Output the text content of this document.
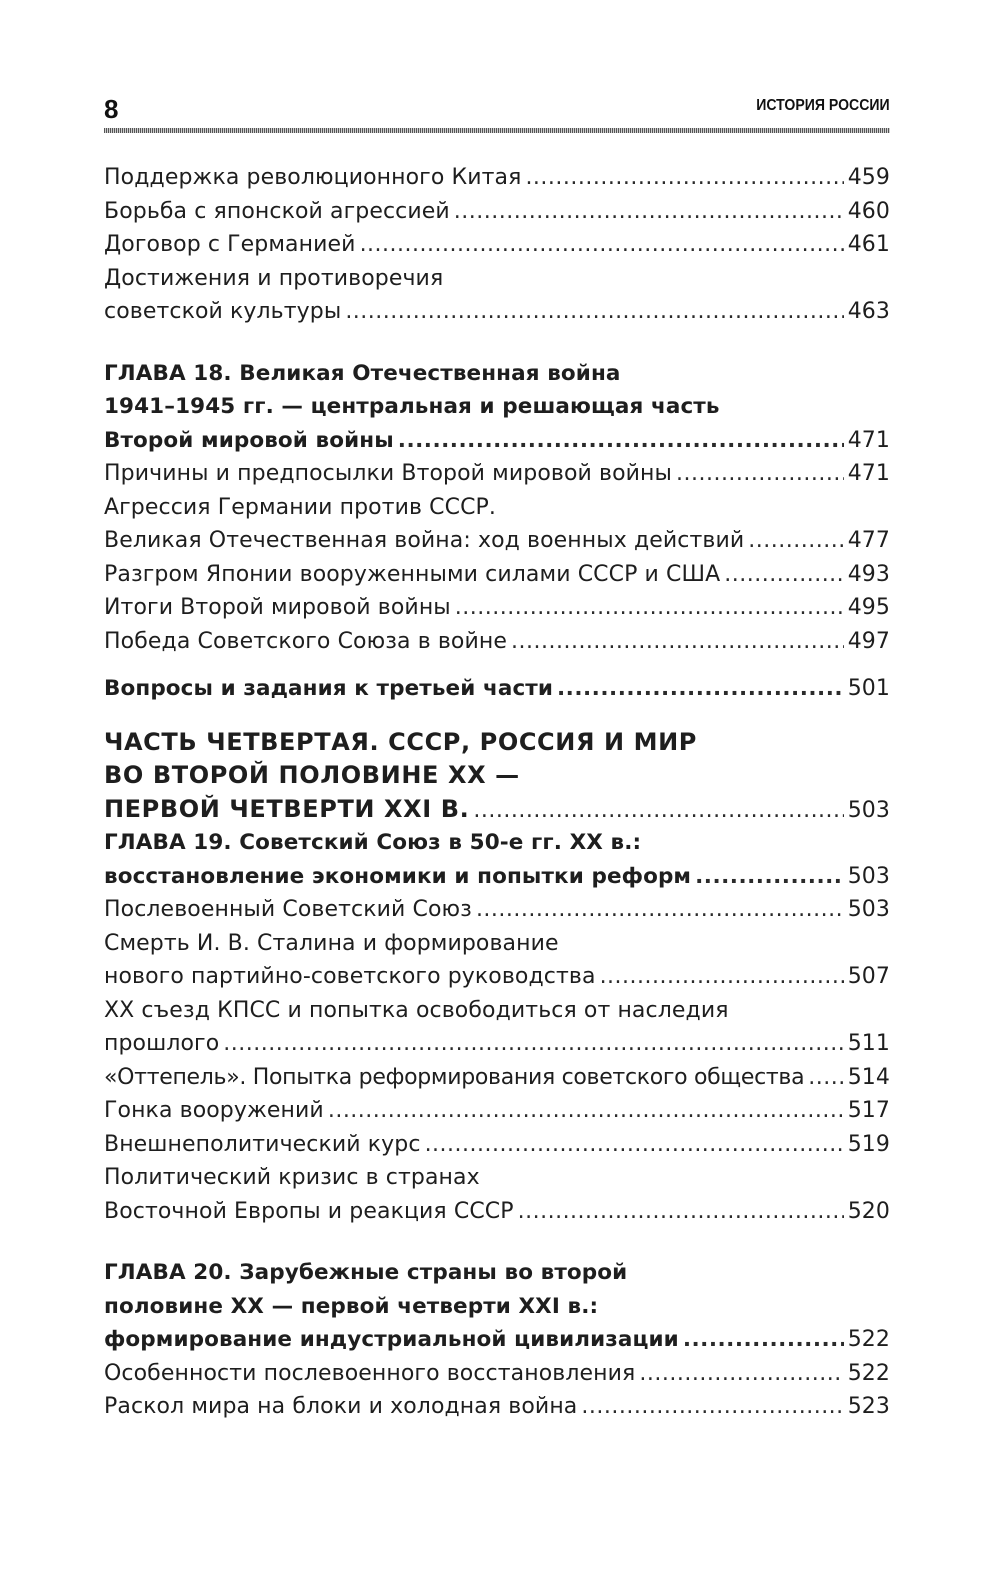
8	ИСТОРИЯ РОССИИ
Поддержка революционного Китая .....	459
Борьба с японской агрессией .....	460
Договор с Германией .....	461
Достижения и противоречия
советской культуры .....	463
ГЛАВА 18. Великая Отечественная война
1941–1945 гг. — центральная и решающая часть
Второй мировой войны .....	471
Причины и предпосылки Второй мировой войны .....	471
Агрессия Германии против СССР.
Великая Отечественная война: ход военных действий .....	477
Разгром Японии вооруженными силами СССР и США .....	493
Итоги Второй мировой войны .....	495
Победа Советского Союза в войне .....	497
Вопросы и задания к третьей части .....	501
ЧАСТЬ ЧЕТВЕРТАЯ. СССР, РОССИЯ И МИР
ВО ВТОРОЙ ПОЛОВИНЕ XX —
ПЕРВОЙ ЧЕТВЕРТИ XXI В. .....	503
ГЛАВА 19. Советский Союз в 50-е гг. XX в.:
восстановление экономики и попытки реформ .....	503
Послевоенный Советский Союз .....	503
Смерть И. В. Сталина и формирование
нового партийно-советского руководства .....	507
XX съезд КПСС и попытка освободиться от наследия
прошлого .....	511
«Оттепель». Попытка реформирования советского общества ..... 514
Гонка вооружений .....	517
Внешнеполитический курс .....	519
Политический кризис в странах
Восточной Европы и реакция СССР .....	520
ГЛАВА 20. Зарубежные страны во второй
половине XX — первой четверти XXI в.:
формирование индустриальной цивилизации .....	522
Особенности послевоенного восстановления .....	522
Раскол мира на блоки и холодная война .....	523
